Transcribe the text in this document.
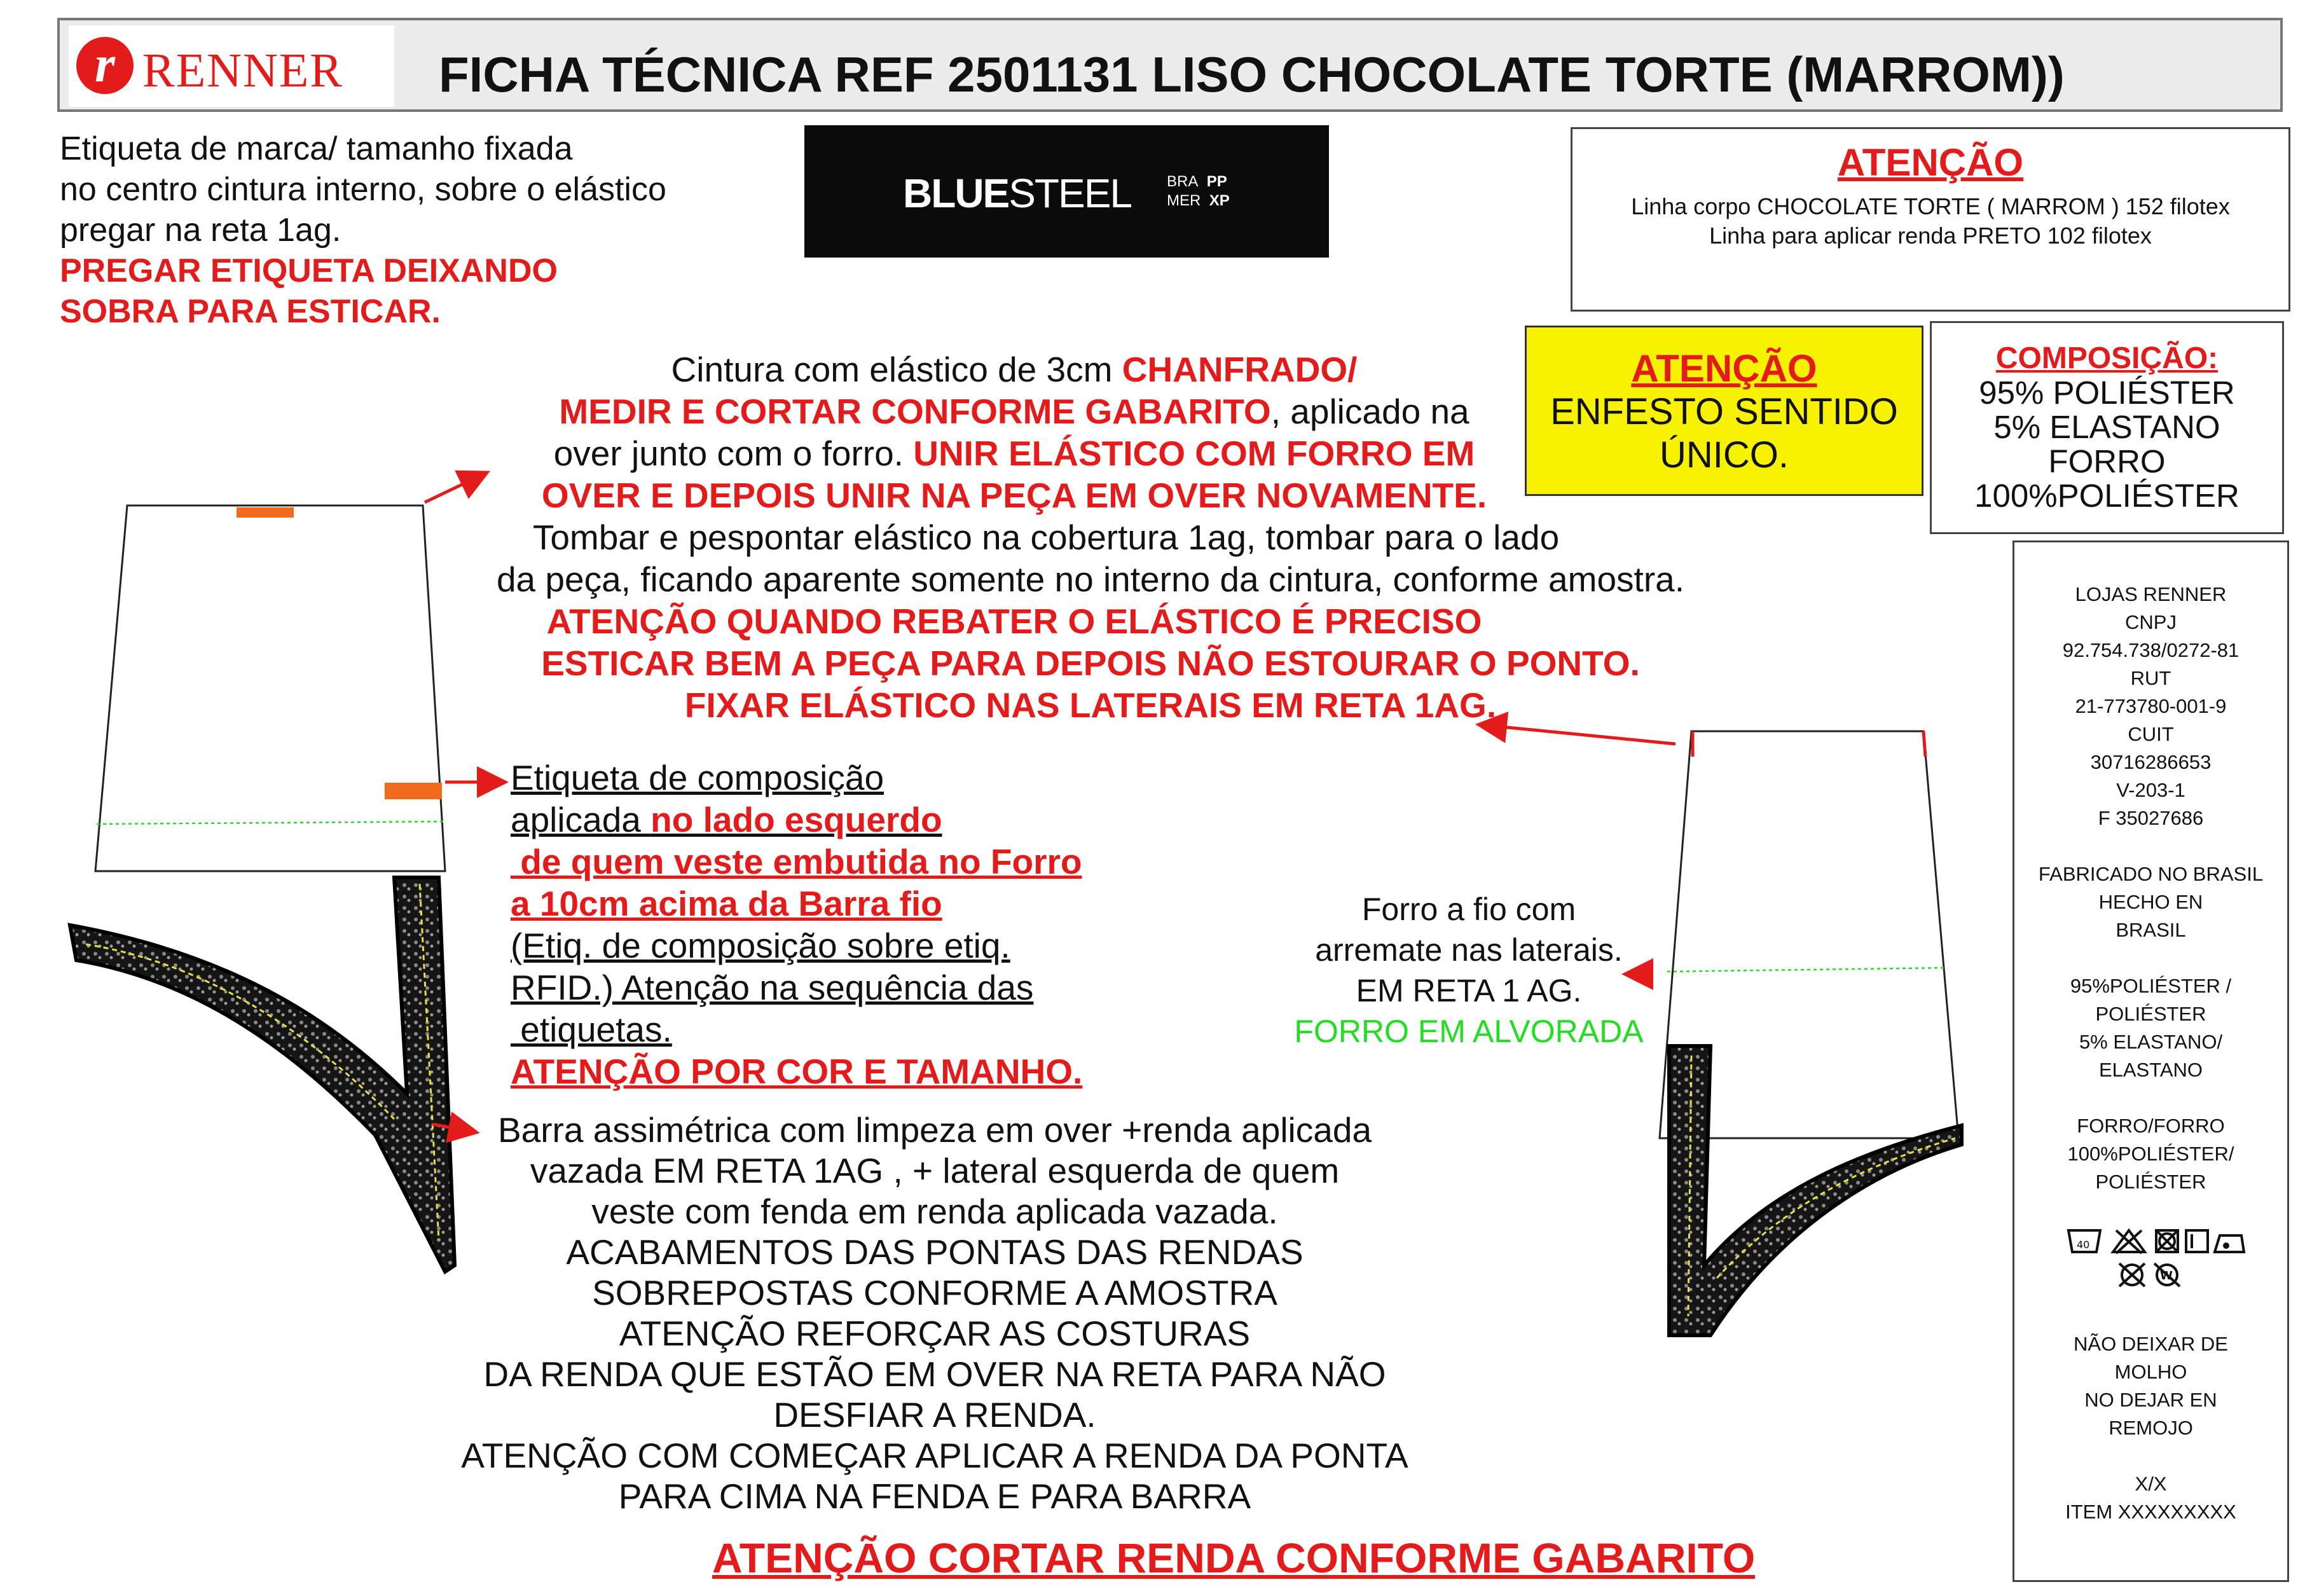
r RENNER FICHA TÉCNICA REF 2501131 LISO CHOCOLATE TORTE (MARROM))
Etiqueta de marca/ tamanho fixada
no centro cintura interno, sobre o elástico
pregar na reta 1ag.
PREGAR ETIQUETA DEIXANDO
SOBRA PARA ESTICAR.
BLUESTEEL BRA PP
MER XP
ATENÇÃO
Linha corpo CHOCOLATE TORTE ( MARROM ) 152 filotex
Linha para aplicar renda PRETO 102 filotex
ATENÇÃO
ENFESTO SENTIDO
ÚNICO.
COMPOSIÇÃO:
95% POLIÉSTER
5% ELASTANO
FORRO
100%POLIÉSTER
LOJAS RENNER
CNPJ
92.754.738/0272-81
RUT
21-773780-001-9
CUIT
30716286653
V-203-1
F 35027686
FABRICADO NO BRASIL
HECHO EN
BRASIL
95%POLIÉSTER /
POLIÉSTER
5% ELASTANO/
ELASTANO
FORRO/FORRO
100%POLIÉSTER/
POLIÉSTER
40
W
NÃO DEIXAR DE
MOLHO
NO DEJAR EN
REMOJO
X/X
ITEM XXXXXXXXX
Cintura com elástico de 3cm CHANFRADO/
MEDIR E CORTAR CONFORME GABARITO, aplicado na
over junto com o forro. UNIR ELÁSTICO COM FORRO EM
OVER E DEPOIS UNIR NA PEÇA EM OVER NOVAMENTE.
Tombar e pespontar elástico na cobertura 1ag, tombar para o lado
da peça, ficando aparente somente no interno da cintura, conforme amostra.
ATENÇÃO QUANDO REBATER O ELÁSTICO É PRECISO
ESTICAR BEM A PEÇA PARA DEPOIS NÃO ESTOURAR O PONTO.
FIXAR ELÁSTICO NAS LATERAIS EM RETA 1AG.
Etiqueta de composição
aplicada no lado esquerdo
de quem veste embutida no Forro
a 10cm acima da Barra fio
(Etiq. de composição sobre etiq.
RFID.) Atenção na sequência das
etiquetas.
ATENÇÃO POR COR E TAMANHO.
Forro a fio com
arremate nas laterais.
EM RETA 1 AG.
FORRO EM ALVORADA
Barra assimétrica com limpeza em over +renda aplicada
vazada EM RETA 1AG , + lateral esquerda de quem
veste com fenda em renda aplicada vazada.
ACABAMENTOS DAS PONTAS DAS RENDAS
SOBREPOSTAS CONFORME A AMOSTRA
ATENÇÃO REFORÇAR AS COSTURAS
DA RENDA QUE ESTÃO EM OVER NA RETA PARA NÃO
DESFIAR A RENDA.
ATENÇÃO COM COMEÇAR APLICAR A RENDA DA PONTA
PARA CIMA NA FENDA E PARA BARRA
ATENÇÃO CORTAR RENDA CONFORME GABARITO
